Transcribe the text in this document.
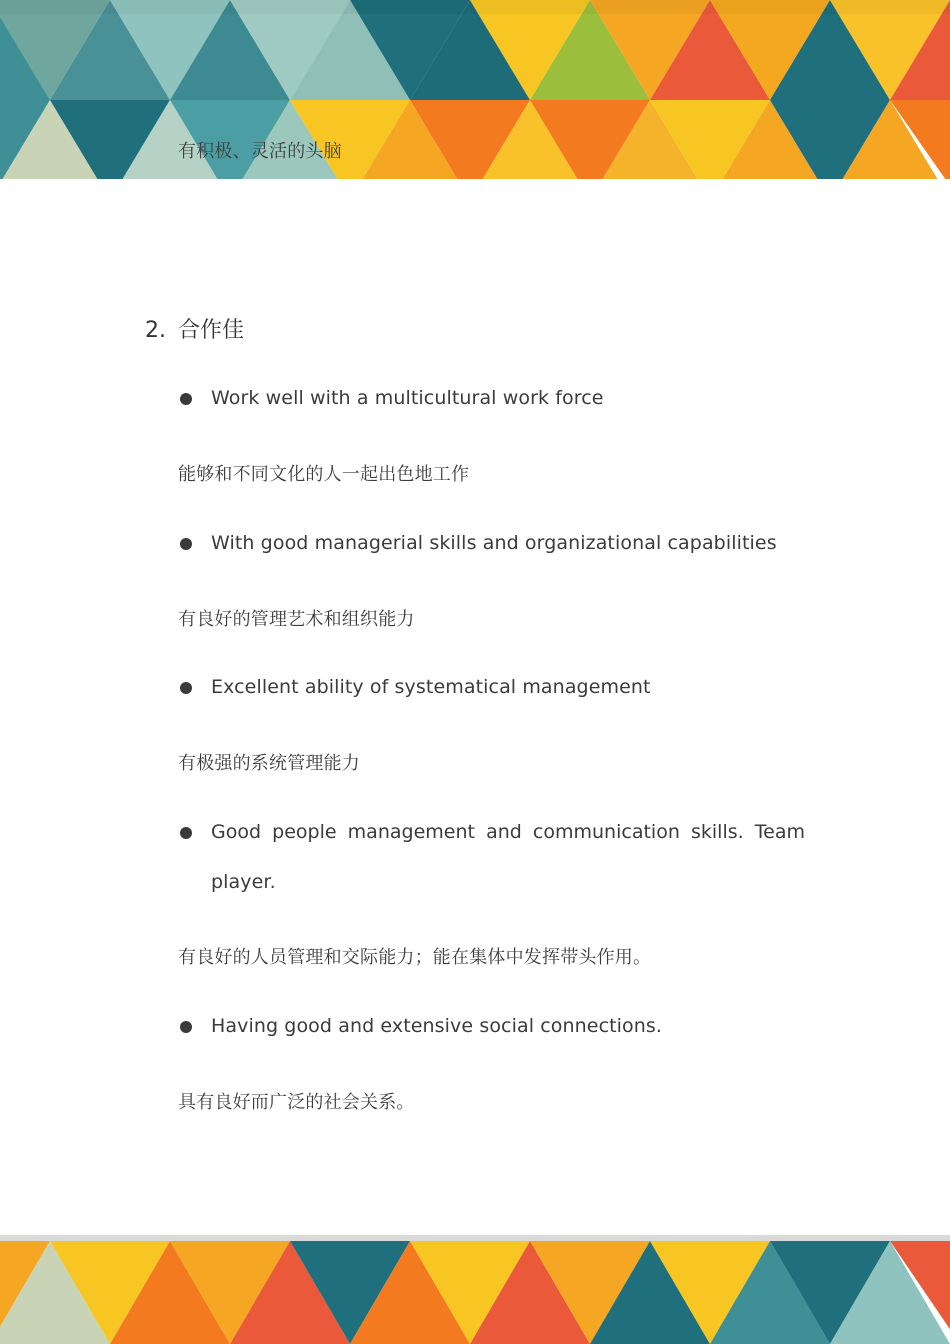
有积极、灵活的头脑
2. 合作佳
Work well with a multicultural work force
能够和不同文化的人一起出色地工作
With good managerial skills and organizational capabilities
有良好的管理艺术和组织能力
Excellent ability of systematical management
有极强的系统管理能力
Good people management and communication skills. Team
player.
有良好的人员管理和交际能力；能在集体中发挥带头作用。
Having good and extensive social connections.
具有良好而广泛的社会关系。
